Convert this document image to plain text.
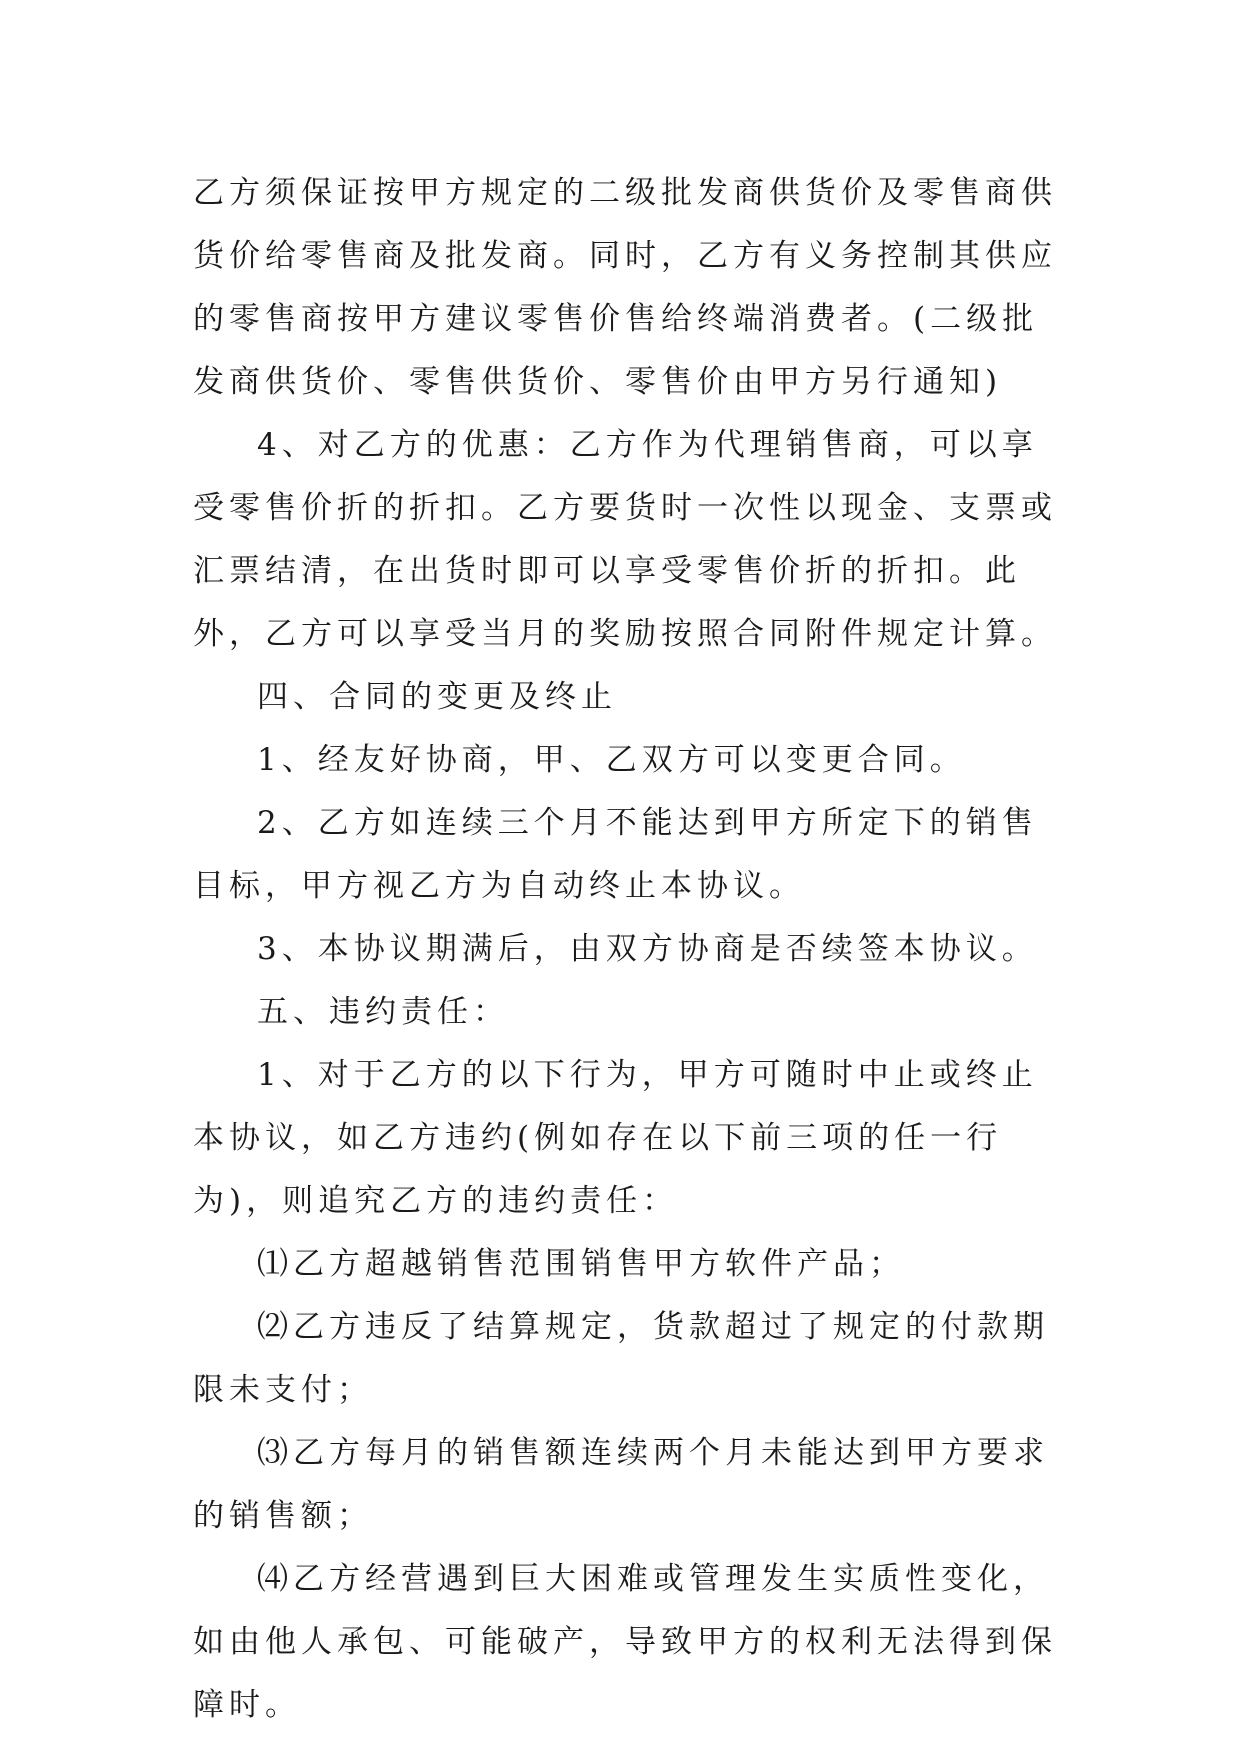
乙方须保证按甲方规定的二级批发商供货价及零售商供货价给零售商及批发商。同时，乙方有义务控制其供应的零售商按甲方建议零售价售给终端消费者。(二级批发商供货价、零售供货价、零售价由甲方另行通知)

4、对乙方的优惠：乙方作为代理销售商，可以享受零售价折的折扣。乙方要货时一次性以现金、支票或汇票结清，在出货时即可以享受零售价折的折扣。此外，乙方可以享受当月的奖励按照合同附件规定计算。

四、合同的变更及终止

1、经友好协商，甲、乙双方可以变更合同。

2、乙方如连续三个月不能达到甲方所定下的销售目标，甲方视乙方为自动终止本协议。

3、本协议期满后，由双方协商是否续签本协议。

五、违约责任：

1、对于乙方的以下行为，甲方可随时中止或终止本协议，如乙方违约(例如存在以下前三项的任一行为)，则追究乙方的违约责任：

⑴乙方超越销售范围销售甲方软件产品；

⑵乙方违反了结算规定，货款超过了规定的付款期限未支付；

⑶乙方每月的销售额连续两个月未能达到甲方要求的销售额；

⑷乙方经营遇到巨大困难或管理发生实质性变化，如由他人承包、可能破产，导致甲方的权利无法得到保障时。
